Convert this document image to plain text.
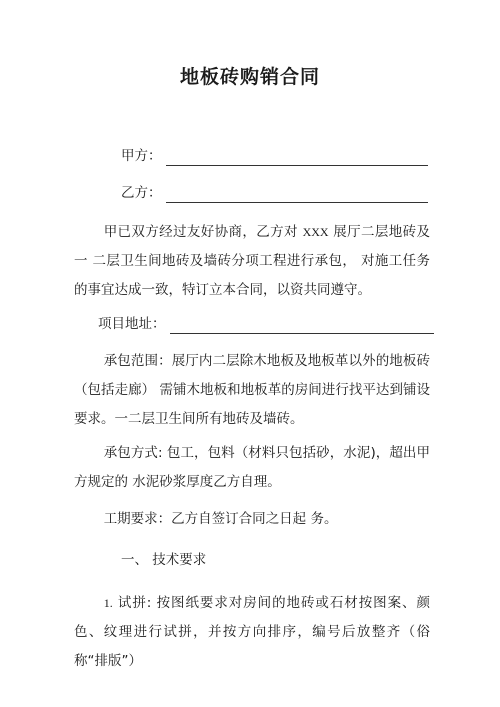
地板砖购销合同
甲方：
乙方：
甲已双方经过友好协商，乙方对 XXX 展厅二层地砖及一 二层卫生间地砖及墙砖分项工程进行承包， 对施工任务的事宜达成一致，特订立本合同，以资共同遵守。
项目地址：
承包范围：展厅内二层除木地板及地板革以外的地板砖（包括走廊） 需铺木地板和地板革的房间进行找平达到铺设要求。一二层卫生间所有地砖及墙砖。
承包方式: 包工，包料（材料只包括砂，水泥)，超出甲方规定的 水泥砂浆厚度乙方自理。
工期要求：乙方自签订合同之日起 务。
一、 技术要求
1. 试拼: 按图纸要求对房间的地砖或石材按图案、颜色、纹理进行试拼，并按方向排序，编号后放整齐（俗称“排版”）
